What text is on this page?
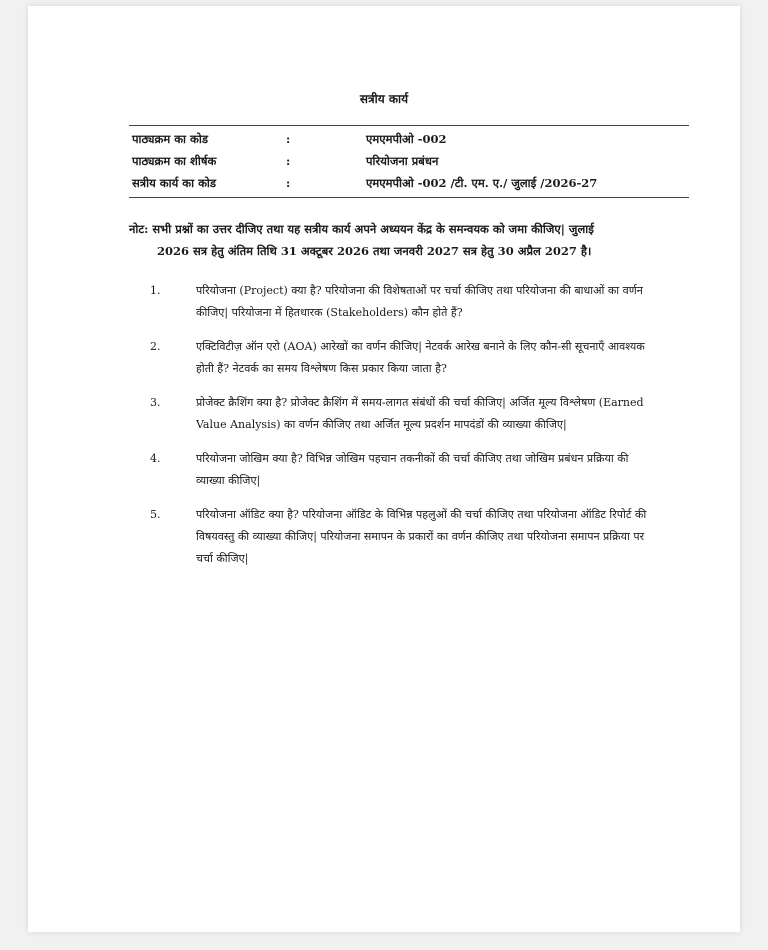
सत्रीय कार्य
पाठ्यक्रम का कोड	:	एमएमपीओ -002
पाठ्यक्रम का शीर्षक	:	परियोजना प्रबंधन
सत्रीय कार्य का कोड	:	एमएमपीओ -002 /टी. एम. ए./ जुलाई /2026-27
नोट: सभी प्रश्नों का उत्तर दीजिए तथा यह सत्रीय कार्य अपने अध्ययन केंद्र के समन्वयक को जमा कीजिए| जुलाई
2026 सत्र हेतु अंतिम तिथि 31 अक्टूबर 2026 तथा जनवरी 2027 सत्र हेतु 30 अप्रैल 2027 है।
1.	परियोजना (Project) क्या है? परियोजना की विशेषताओं पर चर्चा कीजिए तथा परियोजना की बाधाओं का वर्णन
कीजिए| परियोजना में हितधारक (Stakeholders) कौन होते हैं?
2.	एक्टिविटीज़ ऑन एरो (AOA) आरेखों का वर्णन कीजिए| नेटवर्क आरेख बनाने के लिए कौन-सी सूचनाएँ आवश्यक
होती हैं? नेटवर्क का समय विश्लेषण किस प्रकार किया जाता है?
3.	प्रोजेक्ट क्रैशिंग क्या है? प्रोजेक्ट क्रैशिंग में समय-लागत संबंधों की चर्चा कीजिए| अर्जित मूल्य विश्लेषण (Earned
Value Analysis) का वर्णन कीजिए तथा अर्जित मूल्य प्रदर्शन मापदंडों की व्याख्या कीजिए|
4.	परियोजना जोखिम क्या है? विभिन्न जोखिम पहचान तकनीकों की चर्चा कीजिए तथा जोखिम प्रबंधन प्रक्रिया की
व्याख्या कीजिए|
5.	परियोजना ऑडिट क्या है? परियोजना ऑडिट के विभिन्न पहलुओं की चर्चा कीजिए तथा परियोजना ऑडिट रिपोर्ट की
विषयवस्तु की व्याख्या कीजिए| परियोजना समापन के प्रकारों का वर्णन कीजिए तथा परियोजना समापन प्रक्रिया पर
चर्चा कीजिए|
